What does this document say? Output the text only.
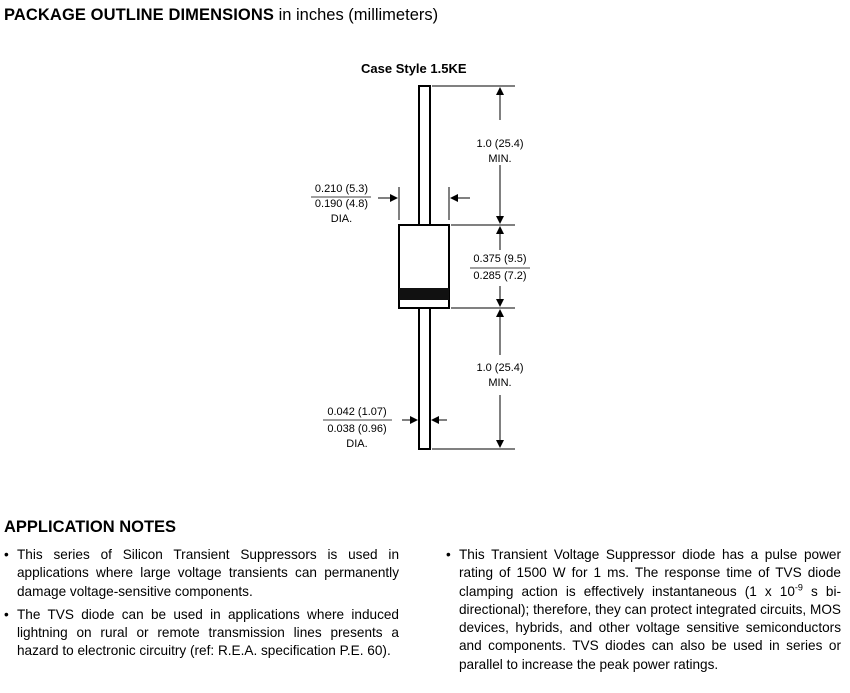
PACKAGE OUTLINE DIMENSIONS in inches (millimeters)
Case Style 1.5KE
1.0 (25.4)
MIN.
0.210 (5.3)
0.190 (4.8)
DIA.
0.375 (9.5)
0.285 (7.2)
1.0 (25.4)
MIN.
0.042 (1.07)
0.038 (0.96)
DIA.
APPLICATION NOTES
• This series of Silicon Transient Suppressors is used in applications where large voltage transients can permanently damage voltage-sensitive components.
• The TVS diode can be used in applications where induced lightning on rural or remote transmission lines presents a hazard to electronic circuitry (ref: R.E.A. specification P.E. 60).
• This Transient Voltage Suppressor diode has a pulse power rating of 1500 W for 1 ms. The response time of TVS diode clamping action is effectively instantaneous (1 x $10^{-9}$ s bi-directional); therefore, they can protect integrated circuits, MOS devices, hybrids, and other voltage sensitive semiconductors and components. TVS diodes can also be used in series or parallel to increase the peak power ratings.
